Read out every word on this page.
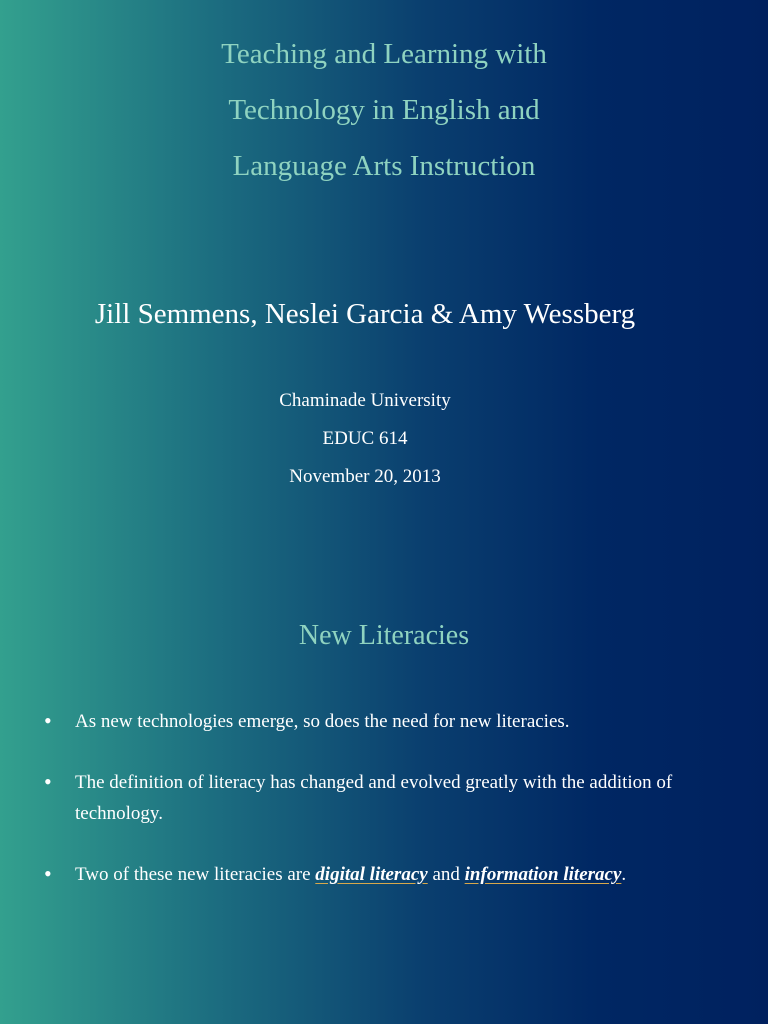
Teaching and Learning with
Technology in English and
Language Arts Instruction
Jill Semmens, Neslei Garcia & Amy Wessberg
Chaminade University
EDUC 614
November 20, 2013
New Literacies
• As new technologies emerge, so does the need for new literacies.
• The definition of literacy has changed and evolved greatly with the addition of technology.
• Two of these new literacies are digital literacy and information literacy.
